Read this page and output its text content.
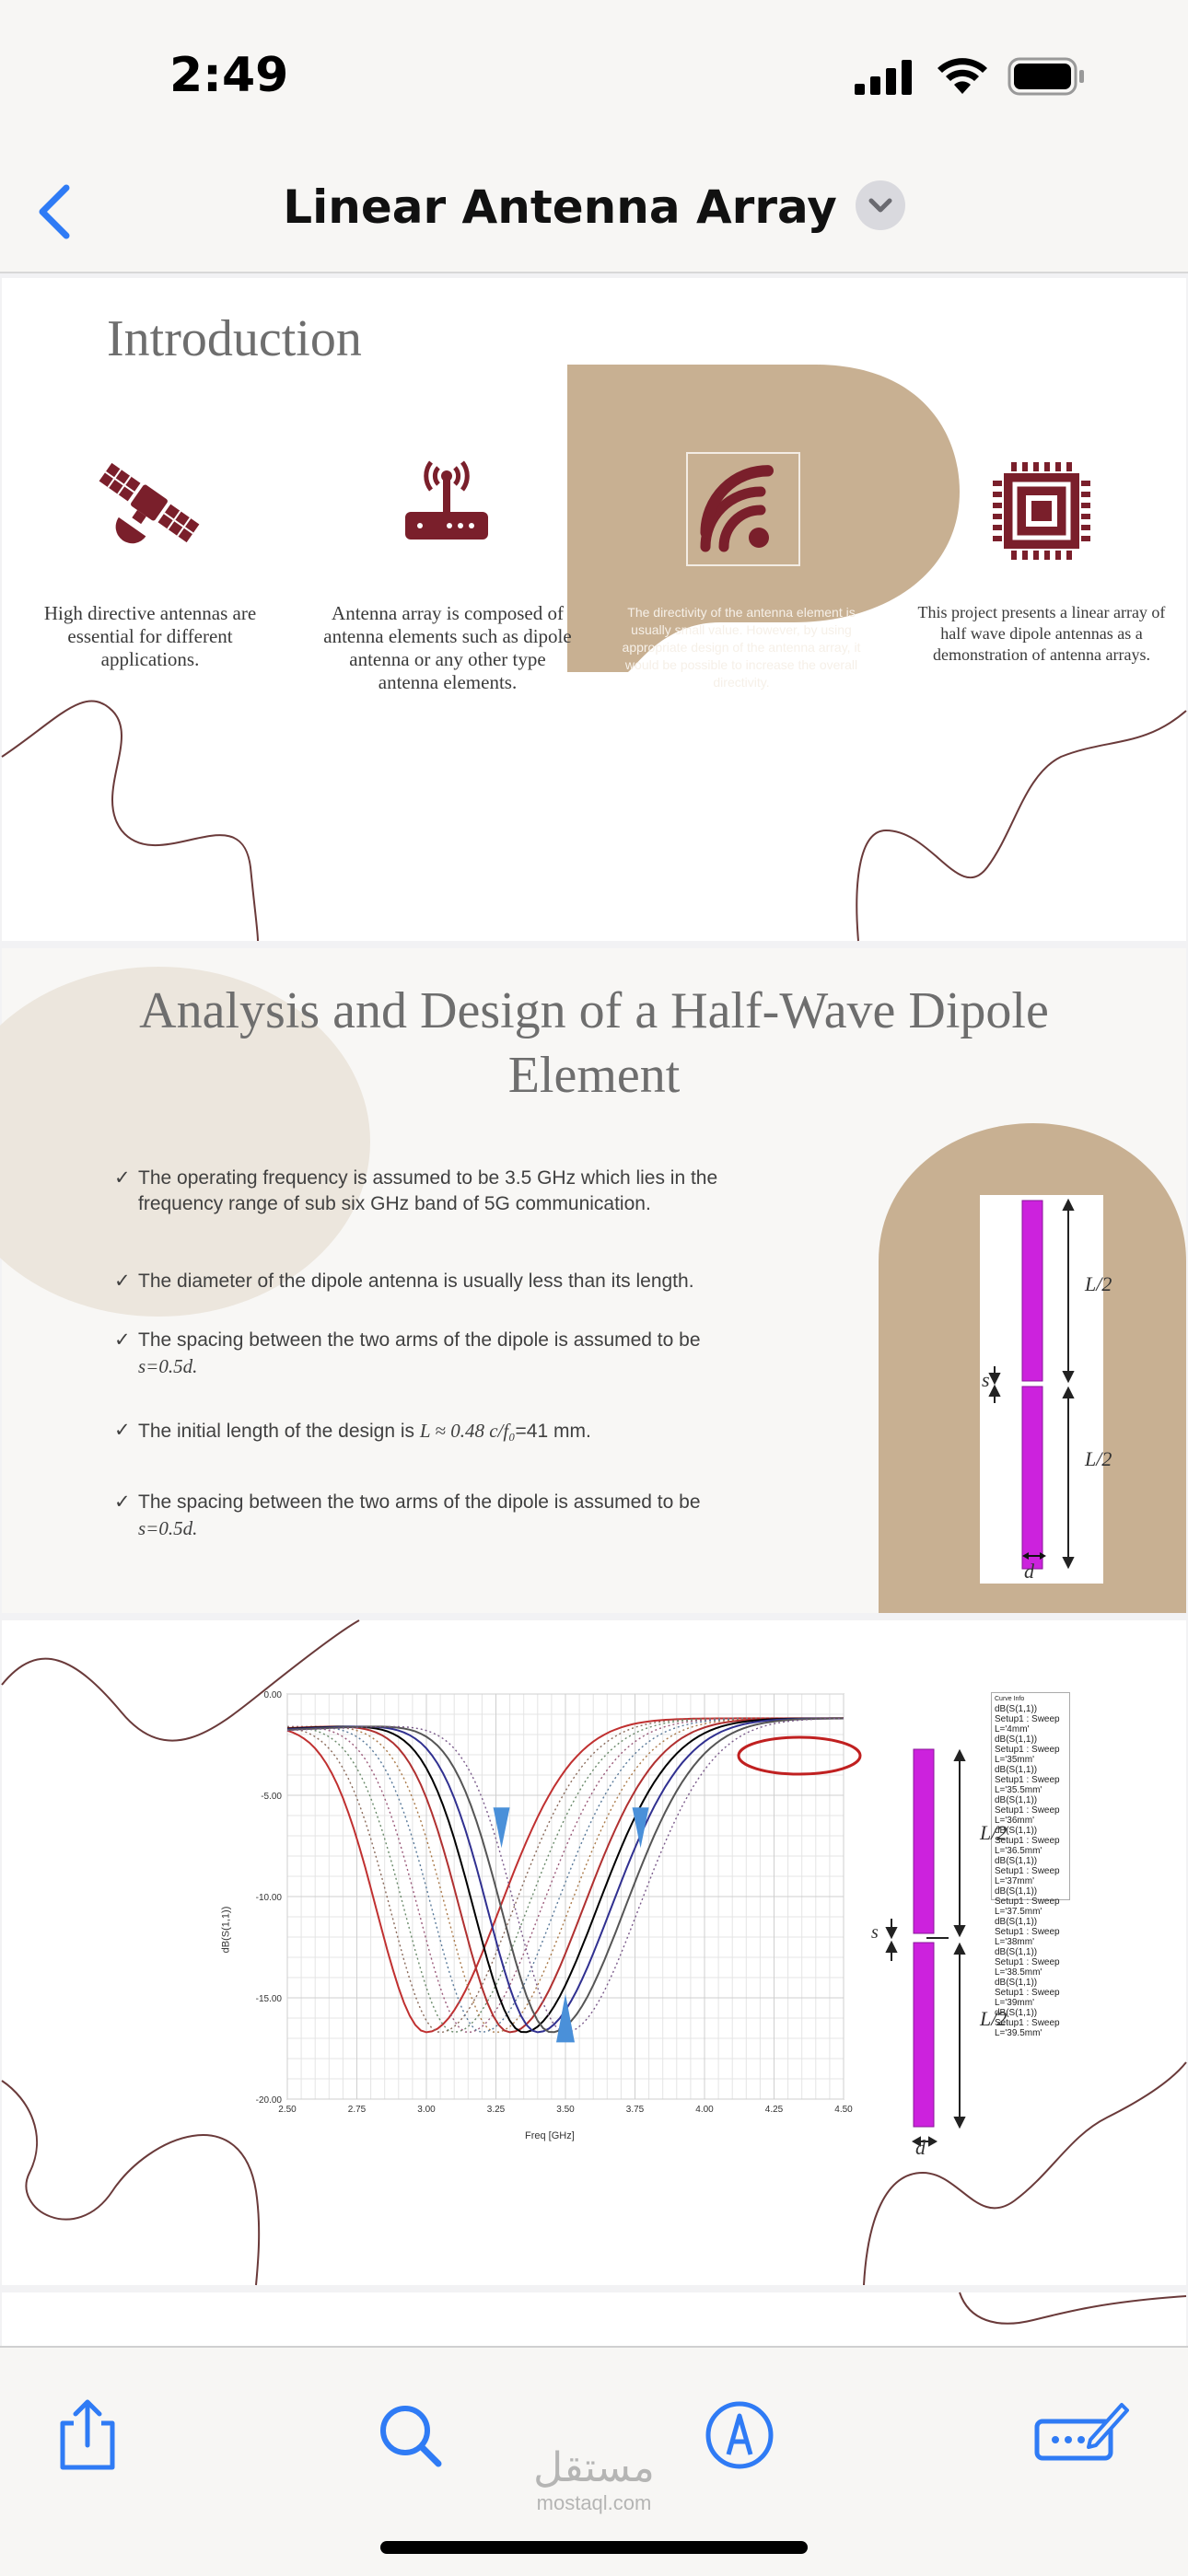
2:49
Linear Antenna Array
Introduction
High directive antennas are essential for different applications.
Antenna array is composed of antenna elements such as dipole antenna or any other type antenna elements.
The directivity of the antenna element is usually small value. However, by using appropriate design of the antenna array, it would be possible to increase the overall directivity.
This project presents a linear array of half wave dipole antennas as a demonstration of antenna arrays.
Analysis and Design of a Half-Wave Dipole
Element
✓ The operating frequency is assumed to be 3.5 GHz which lies in the frequency range of sub six GHz band of 5G communication.
✓ The diameter of the dipole antenna is usually less than its length.
✓ The spacing between the two arms of the dipole is assumed to be
s=0.5d.
✓ The initial length of the design is L ≈ 0.48 c/f₀=41 mm.
✓ The spacing between the two arms of the dipole is assumed to be
s=0.5d.
L/2
L/2
s
d
2.50	2.75	3.00	3.25	3.50	3.75	4.00	4.25	4.50
0.00
-5.00
-10.00
-15.00
-20.00
Freq [GHz]
dB(S(1,1))
Curve Info
dB(S(1,1)) Setup1 : Sweep L='4mm'
dB(S(1,1)) Setup1 : Sweep L='35mm'
dB(S(1,1)) Setup1 : Sweep L='35.5mm'
dB(S(1,1)) Setup1 : Sweep L='36mm'
dB(S(1,1)) Setup1 : Sweep L='36.5mm'
dB(S(1,1)) Setup1 : Sweep L='37mm'
dB(S(1,1)) Setup1 : Sweep L='37.5mm'
dB(S(1,1)) Setup1 : Sweep L='38mm'
dB(S(1,1)) Setup1 : Sweep L='38.5mm'
dB(S(1,1)) Setup1 : Sweep L='39mm'
dB(S(1,1)) Setup1 : Sweep L='39.5mm'
L/2
L/2
s
d
مستقل
mostaql.com
